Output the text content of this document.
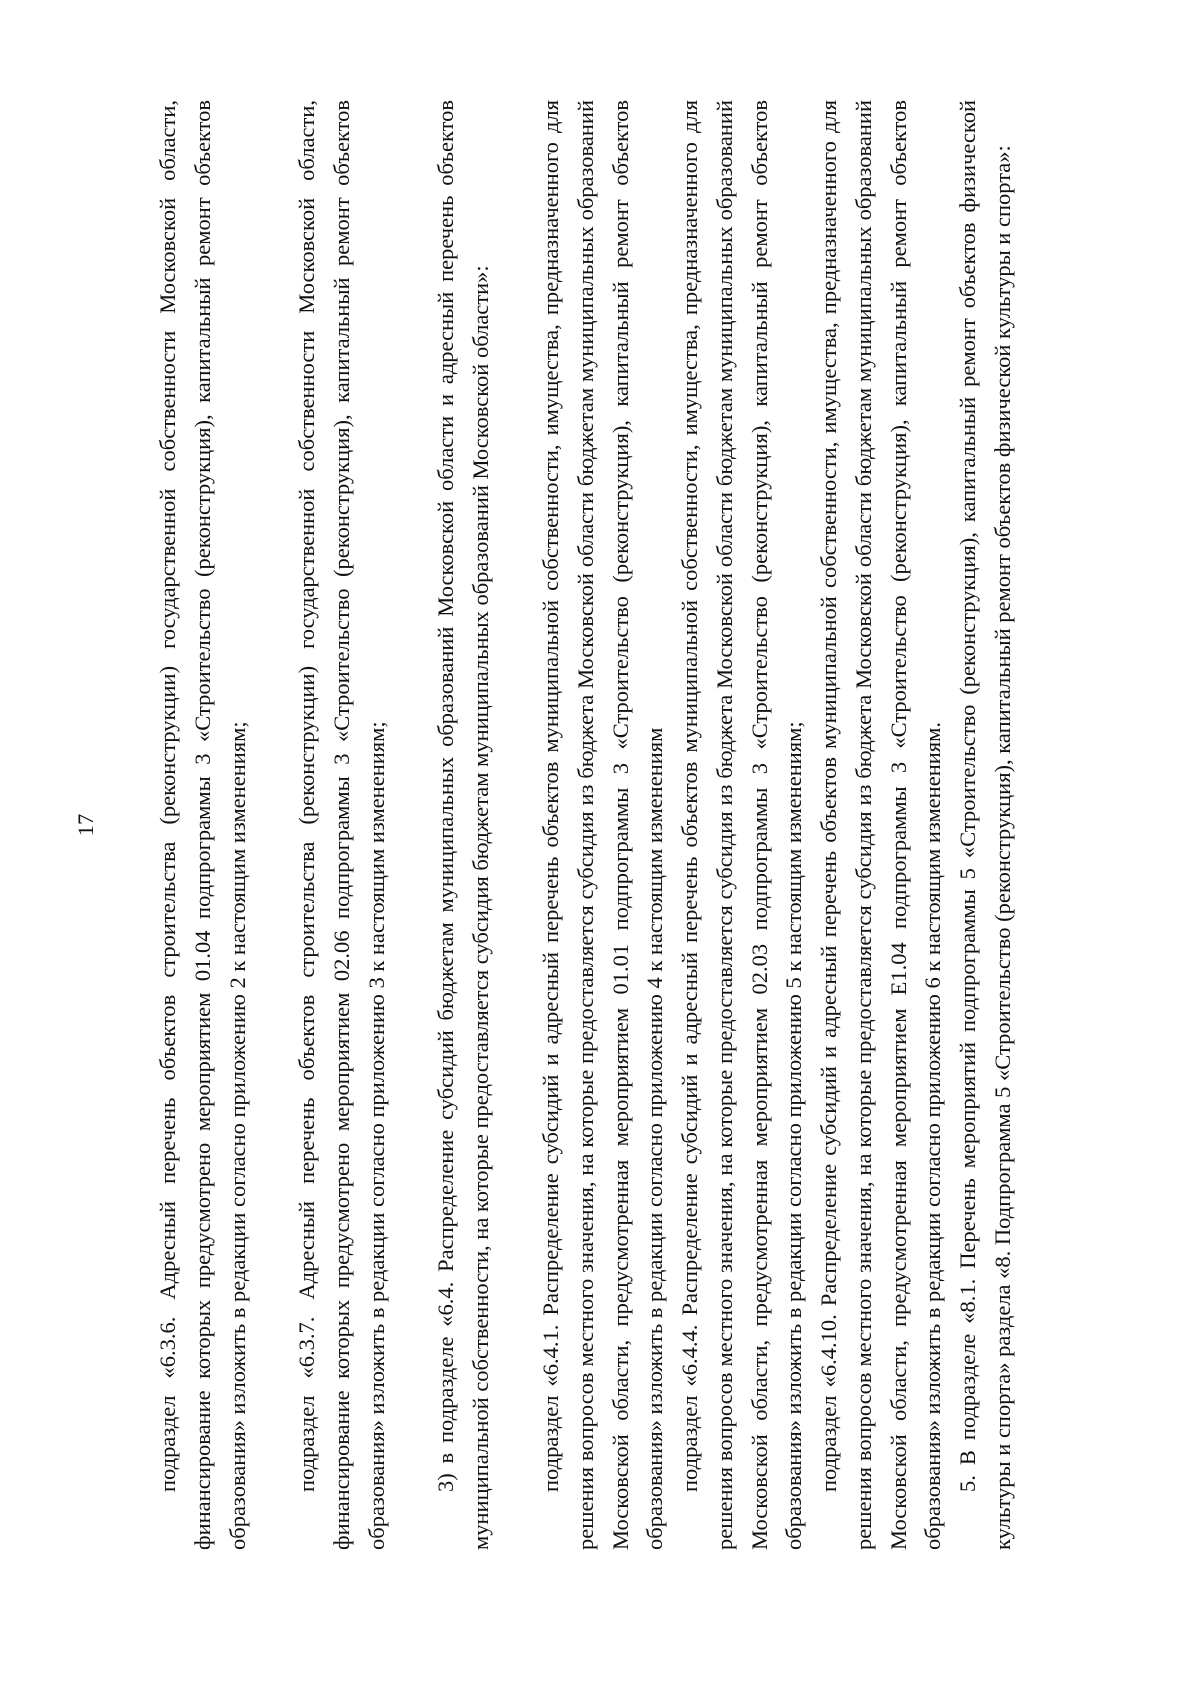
17	подраздел «6.3.6. Адресный перечень объектов строительства (реконструкции) государственной собственности Московской области, финансирование которых предусмотрено мероприятием 01.04 подпрограммы 3 «Строительство (реконструкция), капитальный ремонт объектов образования» изложить в редакции согласно приложению 2 к настоящим изменениям; подраздел «6.3.7. Адресный перечень объектов строительства (реконструкции) государственной собственности Московской области, финансирование которых предусмотрено мероприятием 02.06 подпрограммы 3 «Строительство (реконструкция), капитальный ремонт объектов образования» изложить в редакции согласно приложению 3 к настоящим изменениям; 3) в подразделе «6.4. Распределение субсидий бюджетам муниципальных образований Московской области и адресный перечень объектов муниципальной собственности, на которые предоставляется субсидия бюджетам муниципальных образований Московской области»: подраздел «6.4.1. Распределение субсидий и адресный перечень объектов муниципальной собственности, имущества, предназначенного для решения вопросов местного значения, на которые предоставляется субсидия из бюджета Московской области бюджетам муниципальных образований Московской области, предусмотренная мероприятием 01.01 подпрограммы 3 «Строительство (реконструкция), капитальный ремонт объектов образования» изложить в редакции согласно приложению 4 к настоящим изменениям подраздел «6.4.4. Распределение субсидий и адресный перечень объектов муниципальной собственности, имущества, предназначенного для решения вопросов местного значения, на которые предоставляется субсидия из бюджета Московской области бюджетам муниципальных образований Московской области, предусмотренная мероприятием 02.03 подпрограммы 3 «Строительство (реконструкция), капитальный ремонт объектов образования» изложить в редакции согласно приложению 5 к настоящим изменениям; подраздел «6.4.10. Распределение субсидий и адресный перечень объектов муниципальной собственности, имущества, предназначенного для решения вопросов местного значения, на которые предоставляется субсидия из бюджета Московской области бюджетам муниципальных образований Московской области, предусмотренная мероприятием E1.04 подпрограммы 3 «Строительство (реконструкция), капитальный ремонт объектов образования» изложить в редакции согласно приложению 6 к настоящим изменениям. 5. В подразделе «8.1. Перечень мероприятий подпрограммы 5 «Строительство (реконструкция), капитальный ремонт объектов физической культуры и спорта» раздела «8. Подпрограмма 5 «Строительство (реконструкция), капитальный ремонт объектов физической культуры и спорта»:
